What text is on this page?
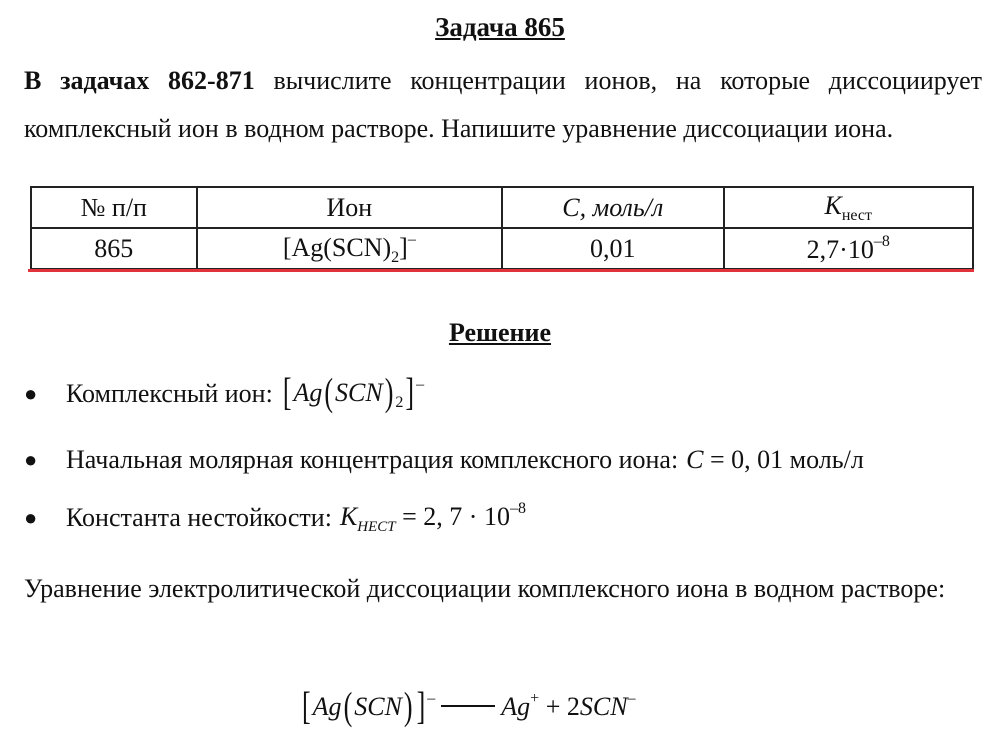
Задача 865
В задачах 862-871 вычислите концентрации ионов, на которые диссоциирует комплексный ион в водном растворе. Напишите уравнение диссоциации иона.
№ п/п	Ион	C, моль/л	$K_{нест}$
865	$[Ag(SCN)_2]^-$	0,01	$2,7\cdot 10^{-8}$
Решение
●	Комплексный ион: [Ag(SCN) $_2$] –
●	Начальная молярная концентрация комплексного иона: C = 0, 01 моль/л
●	Константа нестойкости: $K_{НЕСТ} = 2$, $7 \cdot 10^{-8}$
Уравнение электролитической диссоциации комплексного иона в водном растворе:
[Ag(SCN) ] –	Ag+ + 2SCN–
